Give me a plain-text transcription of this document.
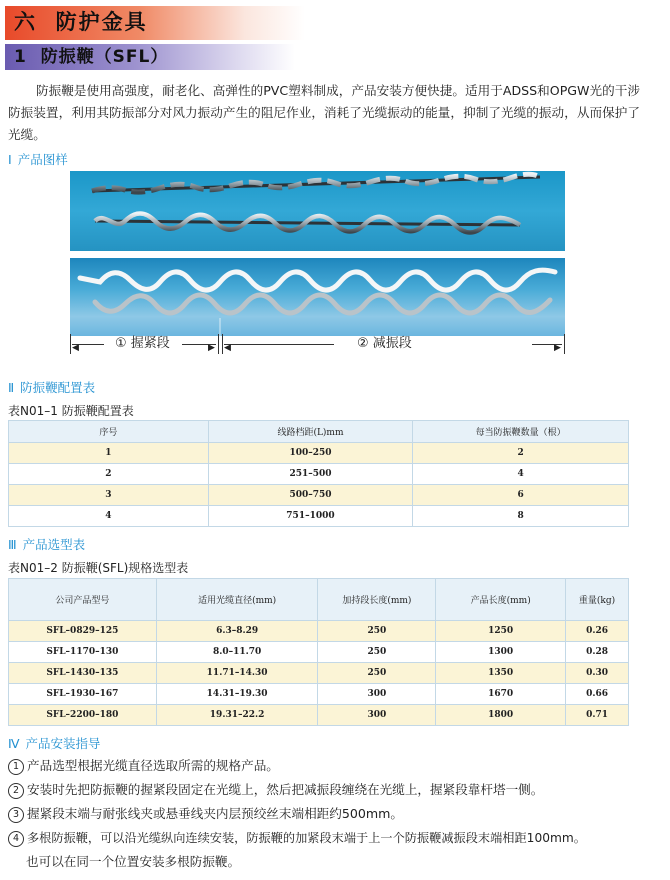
六 防护金具
1 防振鞭（SFL）
防振鞭是使用高强度，耐老化、高弹性的PVC塑料制成，产品安装方便快捷。适用于ADSS和OPGW光的干涉防振装置，利用其防振部分对风力振动产生的阻尼作业，消耗了光缆振动的能量，抑制了光缆的振动，从而保护了光缆。
Ⅰ 产品图样
◀	▶ ◀	▶
① 握紧段	② 减振段
Ⅱ 防振鞭配置表
表N01–1 防振鞭配置表
序号	线路档距(L)mm	每当防振鞭数量（根）
1	100–250	2
2	251–500	4
3	500–750	6
4	751–1000	8
Ⅲ 产品选型表
表N01–2 防振鞭(SFL)规格选型表
公司产品型号	适用光缆直径(mm)	加持段长度(mm)	产品长度(mm)	重量(kg)
SFL–0829–125	6.3–8.29	250	1250	0.26
SFL–1170–130	8.0–11.70	250	1300	0.28
SFL–1430–135	11.71–14.30	250	1350	0.30
SFL–1930–167	14.31–19.30	300	1670	0.66
SFL–2200–180	19.31–22.2	300	1800	0.71
Ⅳ 产品安装指导
1 产品选型根据光缆直径选取所需的规格产品。
2 安装时先把防振鞭的握紧段固定在光缆上，然后把减振段缠绕在光缆上，握紧段靠杆塔一侧。
3 握紧段末端与耐张线夹或悬垂线夹内层预绞丝末端相距约500mm。
4 多根防振鞭，可以沿光缆纵向连续安装，防振鞭的加紧段末端于上一个防振鞭减振段末端相距100mm。
也可以在同一个位置安装多根防振鞭。
